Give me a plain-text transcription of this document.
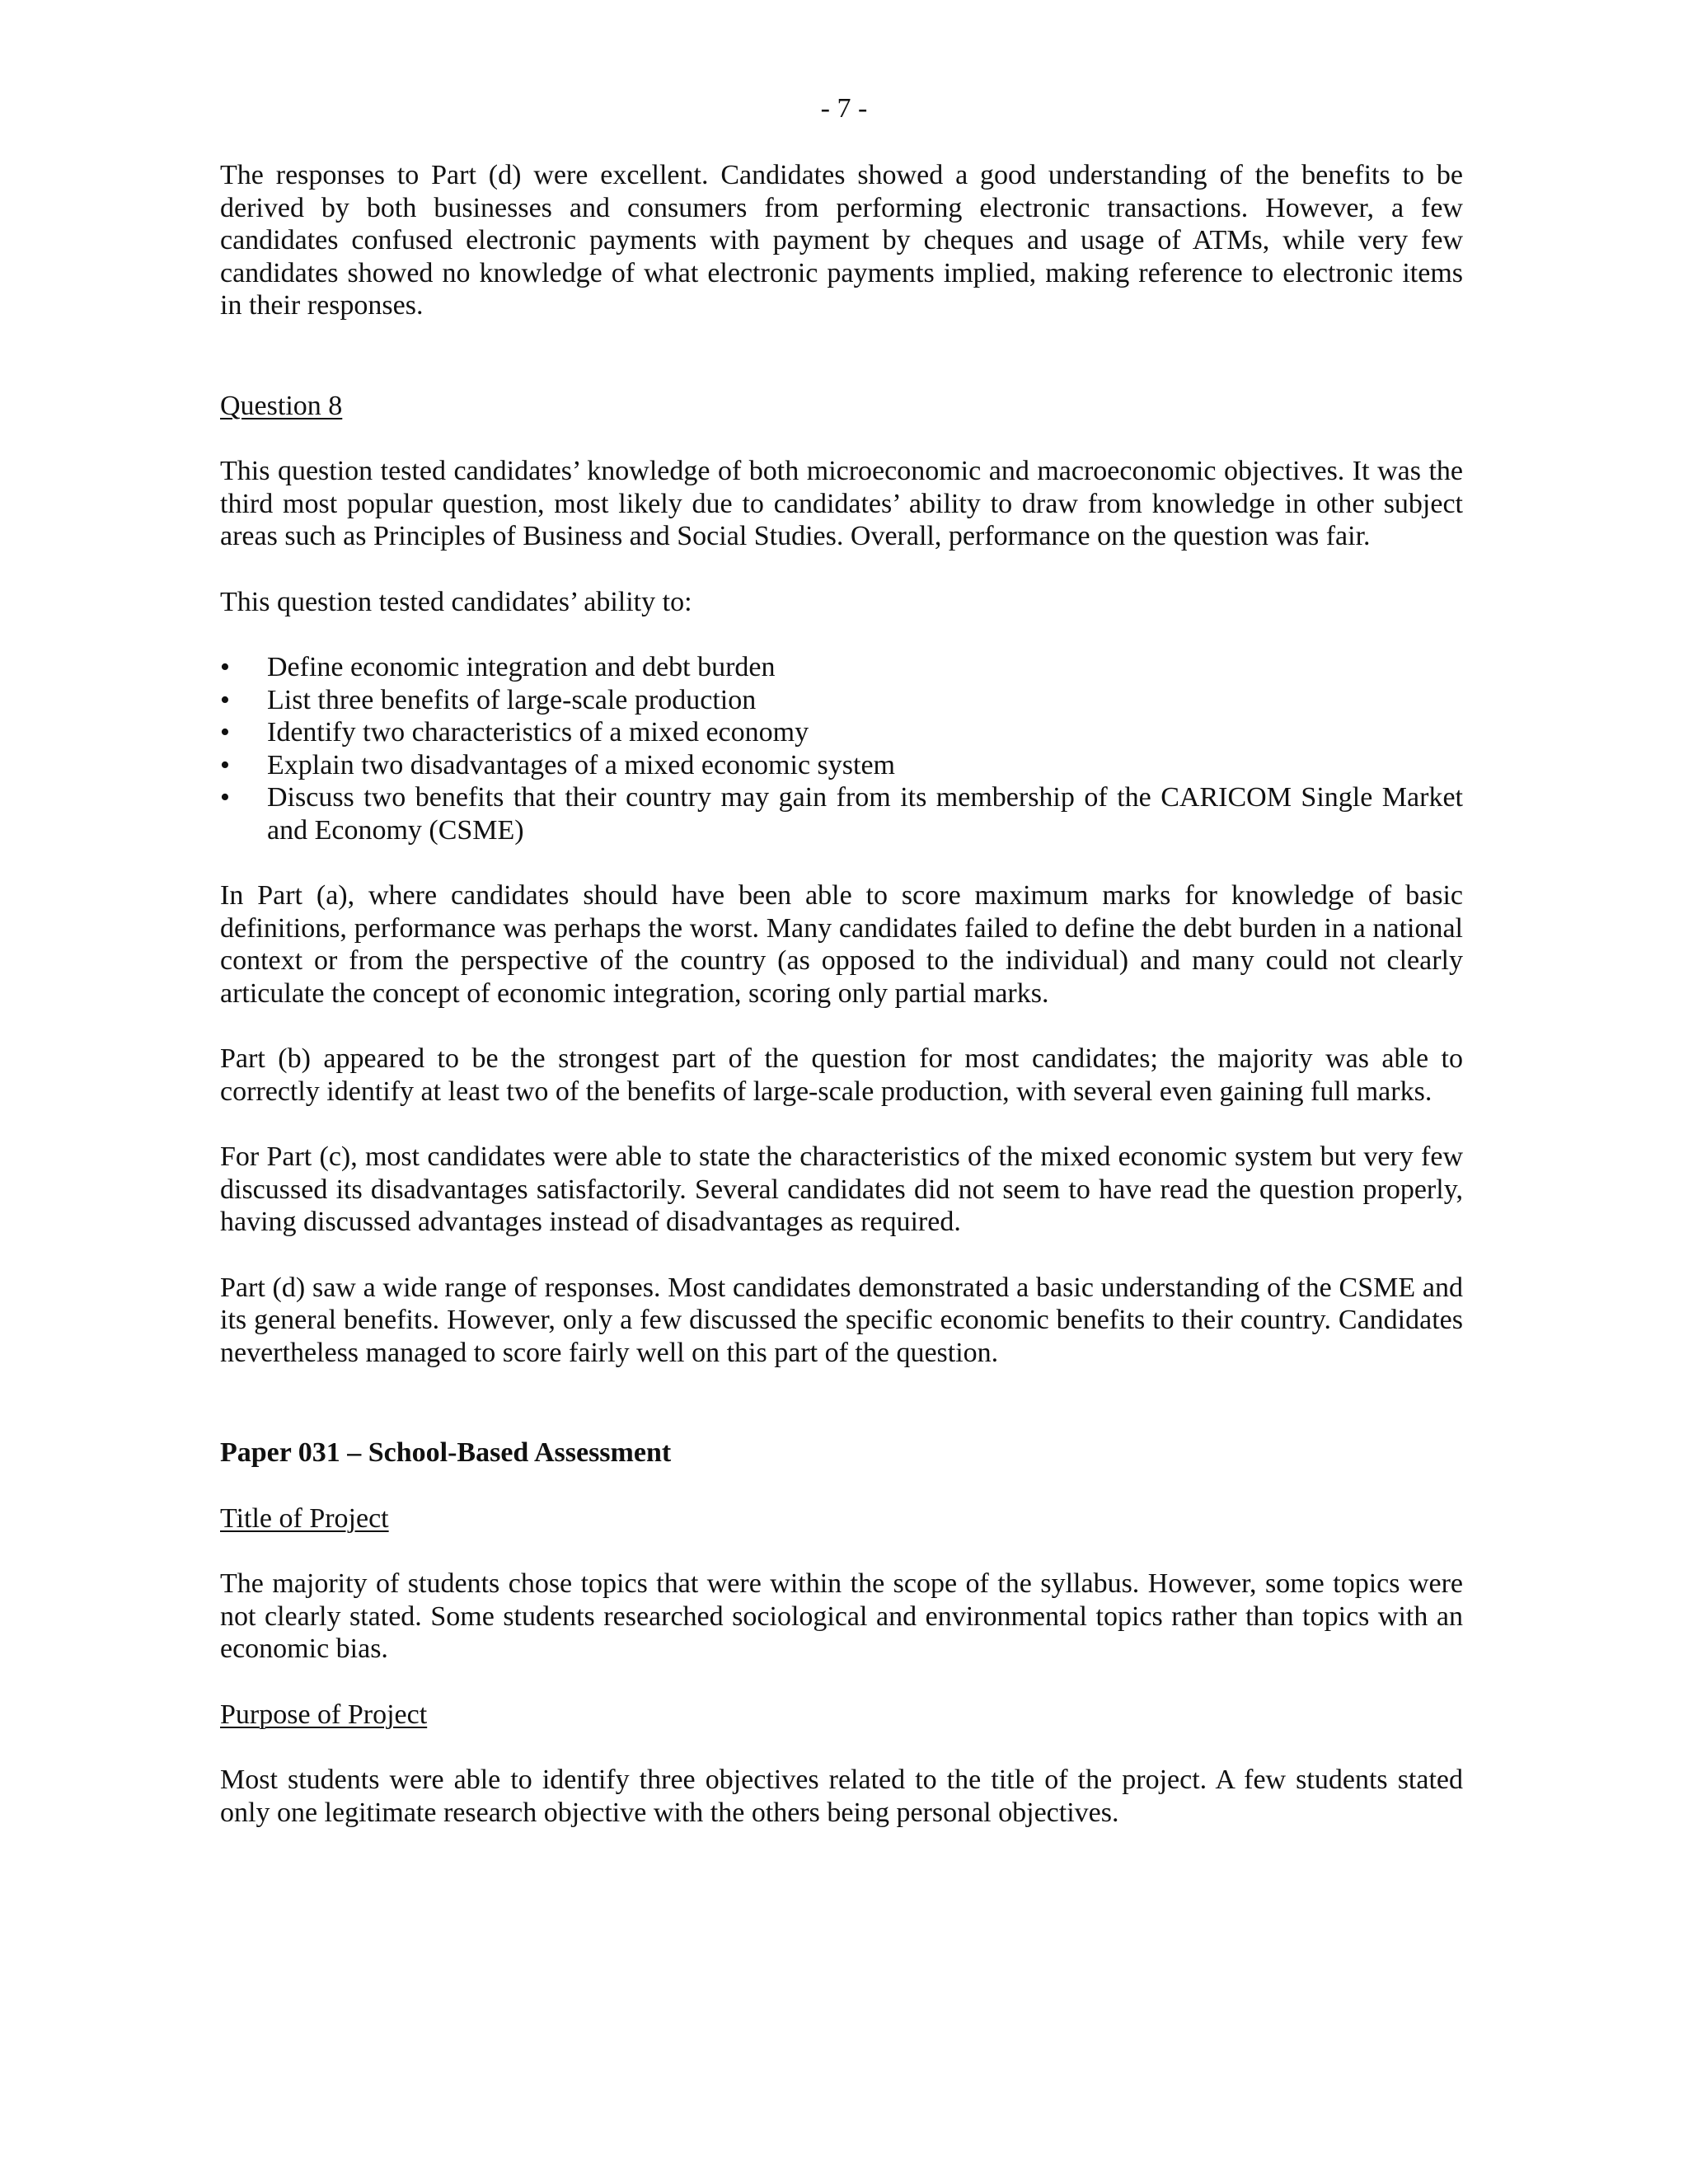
- 7 -

The responses to Part (d) were excellent. Candidates showed a good understanding of the benefits to be derived by both businesses and consumers from performing electronic transactions. However, a few candidates confused electronic payments with payment by cheques and usage of ATMs, while very few candidates showed no knowledge of what electronic payments implied, making reference to electronic items in their responses.

Question 8

This question tested candidates’ knowledge of both microeconomic and macroeconomic objectives. It was the third most popular question, most likely due to candidates’ ability to draw from knowledge in other subject areas such as Principles of Business and Social Studies. Overall, performance on the question was fair.

This question tested candidates’ ability to:

• Define economic integration and debt burden
• List three benefits of large-scale production
• Identify two characteristics of a mixed economy
• Explain two disadvantages of a mixed economic system
• Discuss two benefits that their country may gain from its membership of the CARICOM Single Market and Economy (CSME)

In Part (a), where candidates should have been able to score maximum marks for knowledge of basic definitions, performance was perhaps the worst. Many candidates failed to define the debt burden in a national context or from the perspective of the country (as opposed to the individual) and many could not clearly articulate the concept of economic integration, scoring only partial marks.

Part (b) appeared to be the strongest part of the question for most candidates; the majority was able to correctly identify at least two of the benefits of large-scale production, with several even gaining full marks.

For Part (c), most candidates were able to state the characteristics of the mixed economic system but very few discussed its disadvantages satisfactorily. Several candidates did not seem to have read the question properly, having discussed advantages instead of disadvantages as required.

Part (d) saw a wide range of responses. Most candidates demonstrated a basic understanding of the CSME and its general benefits. However, only a few discussed the specific economic benefits to their country. Candidates nevertheless managed to score fairly well on this part of the question.

Paper 031 – School-Based Assessment

Title of Project

The majority of students chose topics that were within the scope of the syllabus. However, some topics were not clearly stated. Some students researched sociological and environmental topics rather than topics with an economic bias.

Purpose of Project

Most students were able to identify three objectives related to the title of the project. A few students stated only one legitimate research objective with the others being personal objectives.
